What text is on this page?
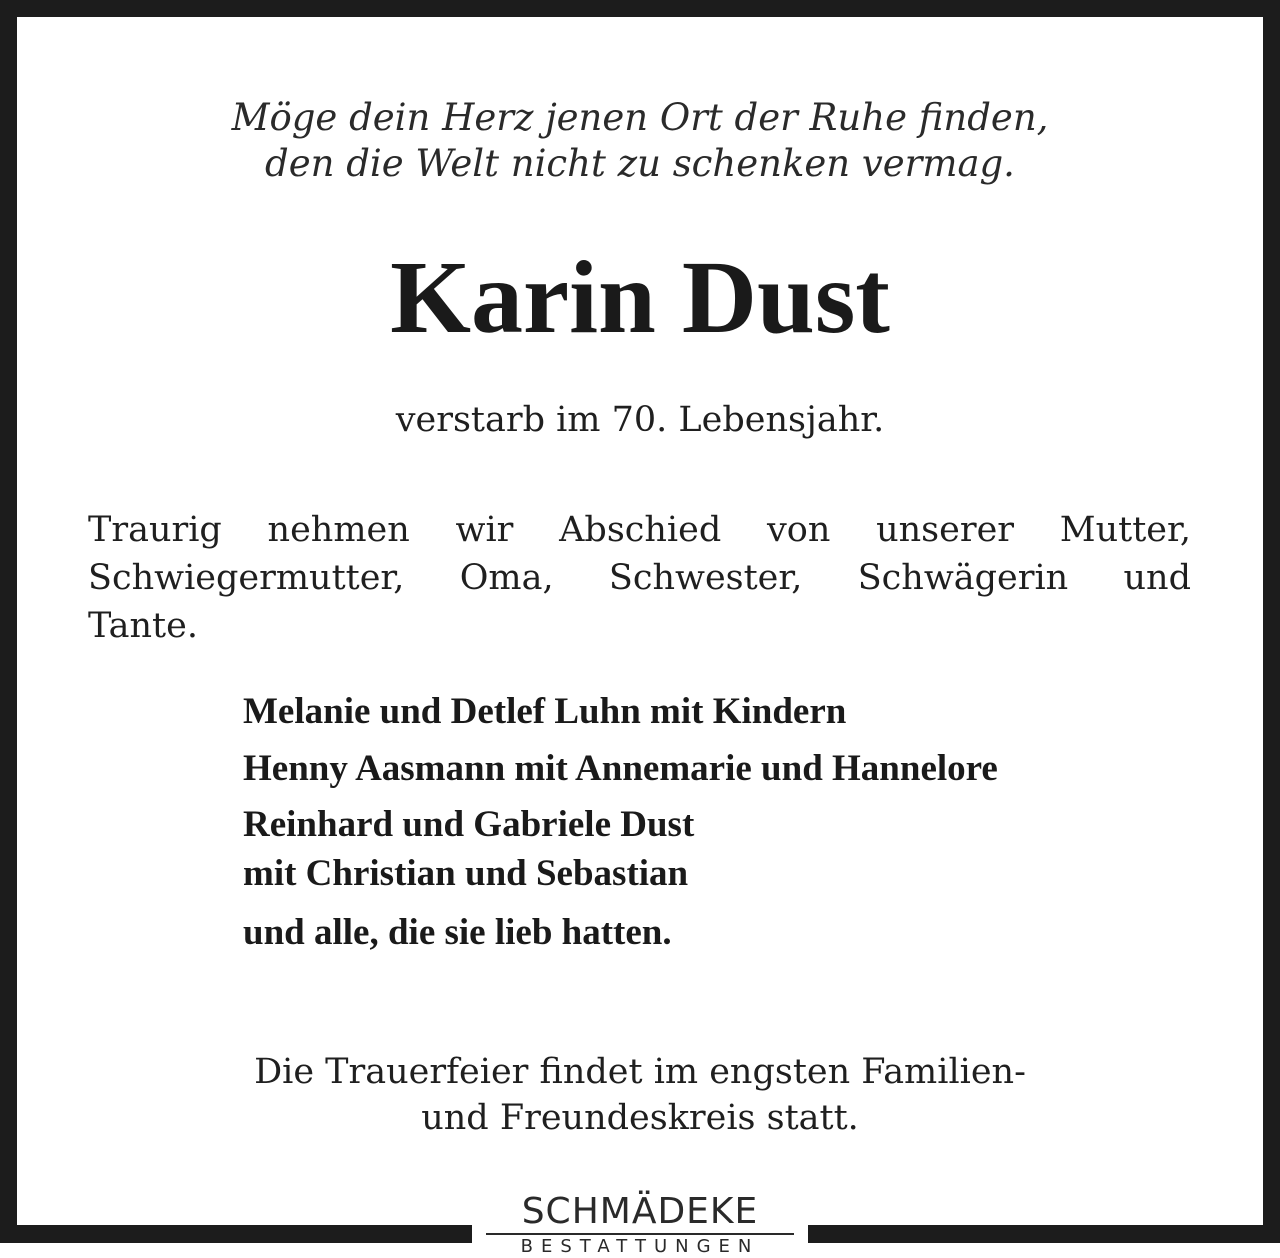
Möge dein Herz jenen Ort der Ruhe finden,
den die Welt nicht zu schenken vermag.
Karin Dust
verstarb im 70. Lebensjahr.
Traurig nehmen wir Abschied von unserer Mutter,
Schwiegermutter, Oma, Schwester, Schwägerin und
Tante.
Melanie und Detlef Luhn mit Kindern
Henny Aasmann mit Annemarie und Hannelore
Reinhard und Gabriele Dust
mit Christian und Sebastian
und alle, die sie lieb hatten.
Die Trauerfeier findet im engsten Familien-
und Freundeskreis statt.
SCHMÄDEKE
BESTATTUNGEN
